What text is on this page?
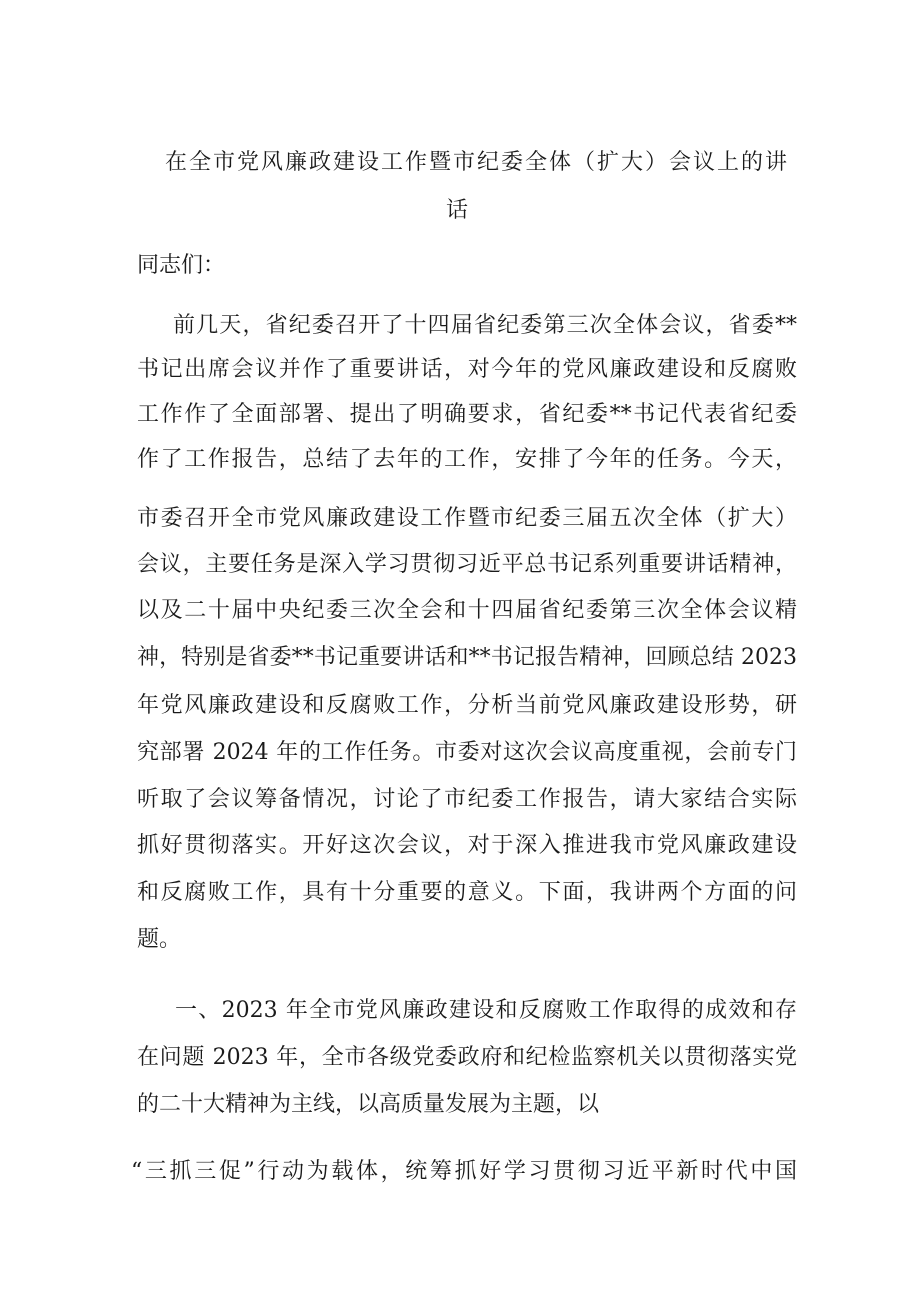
在全市党风廉政建设工作暨市纪委全体（扩大）会议上的讲
话
同志们：
前几天，省纪委召开了十四届省纪委第三次全体会议，省委**
书记出席会议并作了重要讲话，对今年的党风廉政建设和反腐败
工作作了全面部署、提出了明确要求，省纪委**书记代表省纪委
作了工作报告，总结了去年的工作，安排了今年的任务。今天，
市委召开全市党风廉政建设工作暨市纪委三届五次全体（扩大）
会议，主要任务是深入学习贯彻习近平总书记系列重要讲话精神，
以及二十届中央纪委三次全会和十四届省纪委第三次全体会议精
神，特别是省委**书记重要讲话和**书记报告精神，回顾总结 2023
年党风廉政建设和反腐败工作，分析当前党风廉政建设形势，研
究部署 2024 年的工作任务。市委对这次会议高度重视，会前专门
听取了会议筹备情况，讨论了市纪委工作报告，请大家结合实际
抓好贯彻落实。开好这次会议，对于深入推进我市党风廉政建设
和反腐败工作，具有十分重要的意义。下面，我讲两个方面的问
题。
一、2023 年全市党风廉政建设和反腐败工作取得的成效和存
在问题 2023 年，全市各级党委政府和纪检监察机关以贯彻落实党
的二十大精神为主线，以高质量发展为主题，以
“三抓三促”行动为载体，统筹抓好学习贯彻习近平新时代中国
